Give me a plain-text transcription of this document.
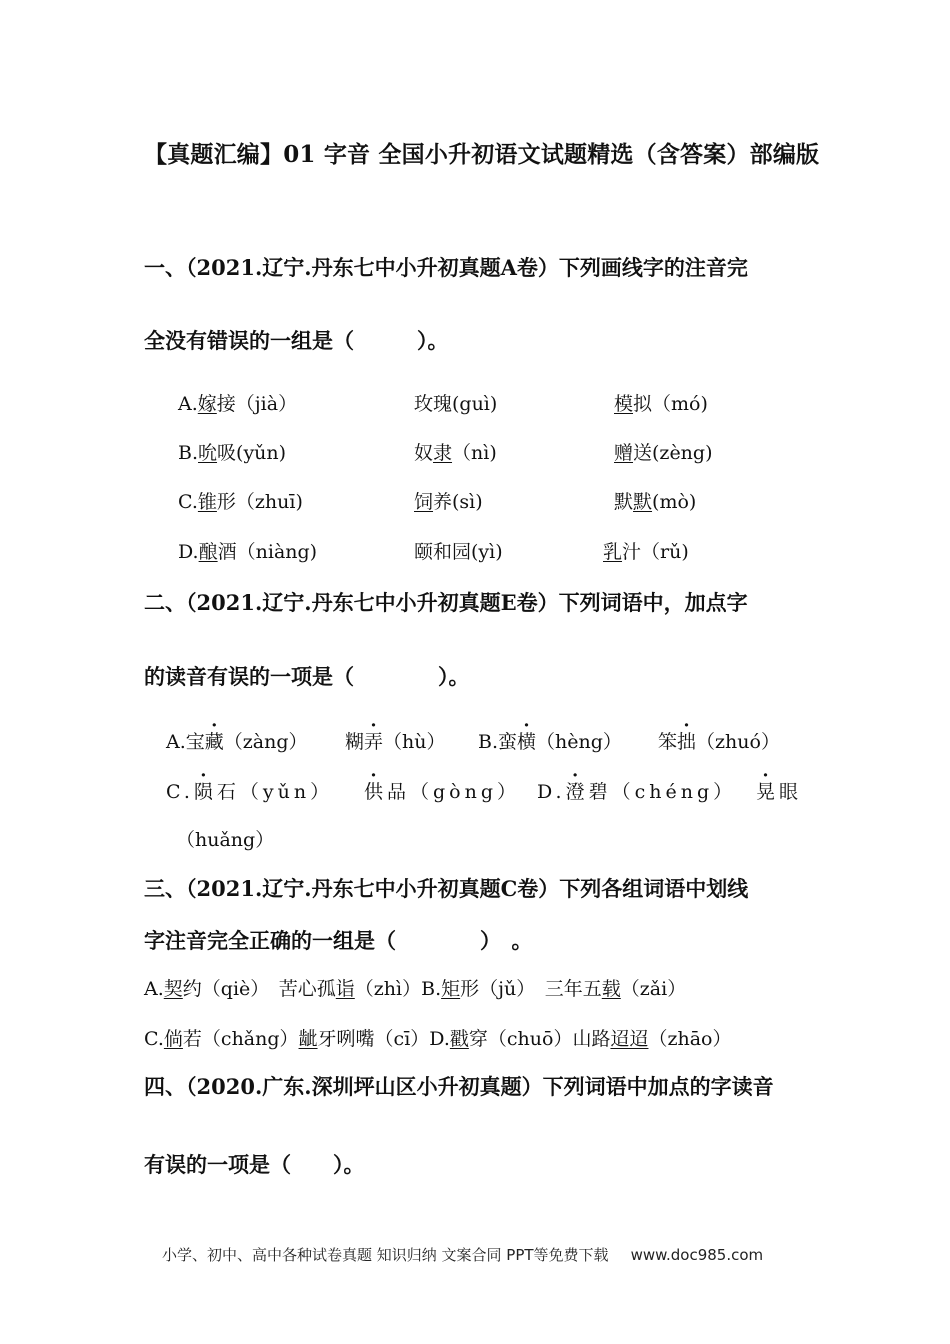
【真题汇编】01 字音 全国小升初语文试题精选（含答案）部编版
一、（2021.辽宁.丹东七中小升初真题A卷）下列画线字的注音完
全没有错误的一组是（　　　）。
A.嫁接（jià）	玫瑰(guì)	模拟（mó)
B.吮吸(yǔn)	奴隶（nì)	赠送(zèng)
C.锥形（zhuī)	饲养(sì)	默默(mò)
D.酿酒（niàng)	颐和园(yì)	乳汁（rǔ)
二、（2021.辽宁.丹东七中小升初真题E卷）下列词语中，加点字
的读音有误的一项是（　　　　）。
A.宝藏（zàng） 糊弄（hù） B.蛮横（hèng） 笨拙（zhuó）
C.陨石（yǔn） 供品（gòng） D.澄碧（chéng） 晃眼
（huǎng）
三、（2021.辽宁.丹东七中小升初真题C卷）下列各组词语中划线
字注音完全正确的一组是（　　　　）　。
A.契约（qiè）　苦心孤诣（zhì）B.矩形（jǔ）　三年五载（zǎi）
C.倘若（chǎng）龇牙咧嘴（cī）D.戳穿（chuō）山路迢迢（zhāo）
四、（2020.广东.深圳坪山区小升初真题）下列词语中加点的字读音
有误的一项是（　　）。
小学、初中、高中各种试卷真题 知识归纳 文案合同 PPT等免费下载 www.doc985.com
